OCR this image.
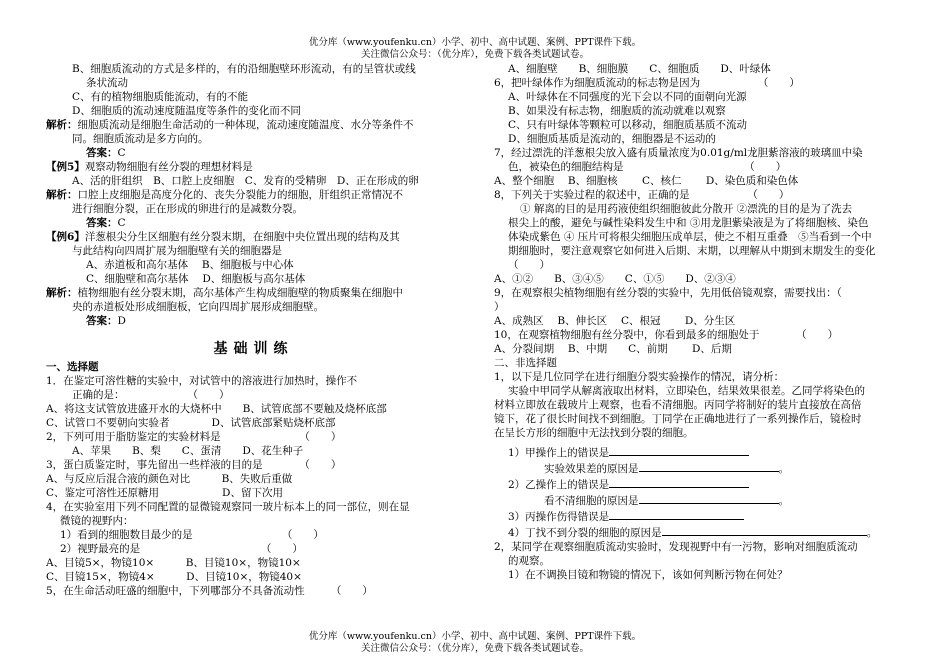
优分库（www.youfenku.cn）小学、初中、高中试题、案例、PPT课件下载。
关注微信公众号：（优分库），免费下载各类试题试卷。

B、细胞质流动的方式是多样的，有的沿细胞壁环形流动，有的呈管状或线

条状流动

C、有的植物细胞质能流动，有的不能

D、细胞质的流动速度随温度等条件的变化而不同

解析：细胞质流动是细胞生命活动的一种体现，流动速度随温度、水分等条件不

同。细胞质流动是多方向的。

答案：C

【例5】观察动物细胞有丝分裂的理想材料是

A、活的肝组织　B、口腔上皮细胞　C、发育的受精卵　D、正在形成的卵

解析：口腔上皮细胞是高度分化的、丧失分裂能力的细胞，肝组织正常情况不

进行细胞分裂，正在形成的卵进行的是减数分裂。

答案：C

【例6】洋葱根尖分生区细胞有丝分裂末期，在细胞中央位置出现的结构及其

与此结构向四周扩展为细胞壁有关的细胞器是

A、赤道板和高尔基体　 B、细胞板与中心体

C、细胞壁和高尔基体　 D、细胞板与高尔基体

解析：植物细胞有丝分裂末期，高尔基体产生构成细胞壁的物质聚集在细胞中

央的赤道板处形成细胞板，它向四周扩展形成细胞壁。

答案：D

基础训练

一、选择题

1．在鉴定可溶性糖的实验中，对试管中的溶液进行加热时，操作不

正确的是：　　　　　　　（　　）

A、将这支试管放进盛开水的大烧杯中　　B、试管底部不要触及烧杯底部

C、试管口不要朝向实验者　　　　D、试管底部紧贴烧杯底部

2，下列可用于脂肪鉴定的实验材料是　　　　　　　　（　　）

A、苹果　　B、梨　　C、蛋清　　D、花生种子

3，蛋白质鉴定时，事先留出一些样液的目的是　　　　（　　）

A、与反应后混合液的颜色对比　　　B、失败后重做

C、鉴定可溶性还原糖用　　　　　　D、留下次用

4，在实验室用下列不同配置的显微镜观察同一玻片标本上的同一部位，则在显

微镜的视野内：

1）看到的细胞数目最少的是　　　　　　　　　（　　）

2）视野最亮的是　　　　　　　　　　　　（　　）

A、目镜5×，物镜10×　　　B、目镜10×，物镜10×

C、目镜15×，物镜4×　　　D、目镜10×，物镜40×

5，在生命活动旺盛的细胞中，下列哪部分不具备流动性　　　（　　）

A、细胞壁　　B、细胞膜　　C、细胞质　　D、叶绿体

6，把叶绿体作为细胞质流动的标志物是因为　　　　　　（　　）

A、叶绿体在不同强度的光下会以不同的面朝向光源

B、如果没有标志物，细胞质的流动就难以观察

C、只有叶绿体等颗粒可以移动，细胞质基质不流动

D、细胞质基质是流动的，细胞器是不运动的

7，经过漂洗的洋葱根尖放入盛有质量浓度为0.01g/ml龙胆紫溶液的玻璃皿中染

色，被染色的细胞结构是　　　　　　　　　　　　（　　）

A、整个细胞　 B、细胞核　　 C、核仁　　 D、染色质和染色体

8，下列关于实验过程的叙述中，正确的是　　　　　　（　　）

① 解离的目的是用药液使组织细胞彼此分散开 ②漂洗的目的是为了洗去

根尖上的酸，避免与碱性染料发生中和 ③用龙胆紫染液是为了将细胞核、染色

体染成紫色 ④ 压片可将根尖细胞压成单层，使之不相互重叠　⑤当看到一个中

期细胞时，要注意观察它如何进入后期、末期，以理解从中期到末期发生的变化

（　　）

A、①②　　B、③④⑤　　C、①⑤　　D、②③④

9，在观察根尖植物细胞有丝分裂的实验中，先用低倍镜观察，需要找出：（

）

A、成熟区　 B、伸长区　 C、根冠　　 D、分生区

10，在观察植物细胞有丝分裂中，你看到最多的细胞处于　　　　（　　）

A、分裂间期　 B、中期　　C、前期　　 D、后期

二、非选择题

1，以下是几位同学在进行细胞分裂实验操作的情况，请分析：

实验中甲同学从解离液取出材料，立即染色，结果效果很差。乙同学将染色的

材料立即放在载玻片上观察，也看不清细胞。丙同学将制好的装片直接放在高倍

镜下，花了很长时间找不到细胞。丁同学在正确地进行了一系列操作后，镜检时

在呈长方形的细胞中无法找到分裂的细胞。

1）甲操作上的错误是

实验效果差的原因是	。

2）乙操作上的错误是

看不清细胞的原因是	。

3）丙操作伤得错误是

4）丁找不到分裂的细胞的原因是	。

2，某同学在观察细胞质流动实验时，发现视野中有一污物，影响对细胞质流动

的观察。

1）在不调换目镜和物镜的情况下，该如何判断污物在何处？

优分库（www.youfenku.cn）小学、初中、高中试题、案例、PPT课件下载。
关注微信公众号：（优分库），免费下载各类试题试卷。
